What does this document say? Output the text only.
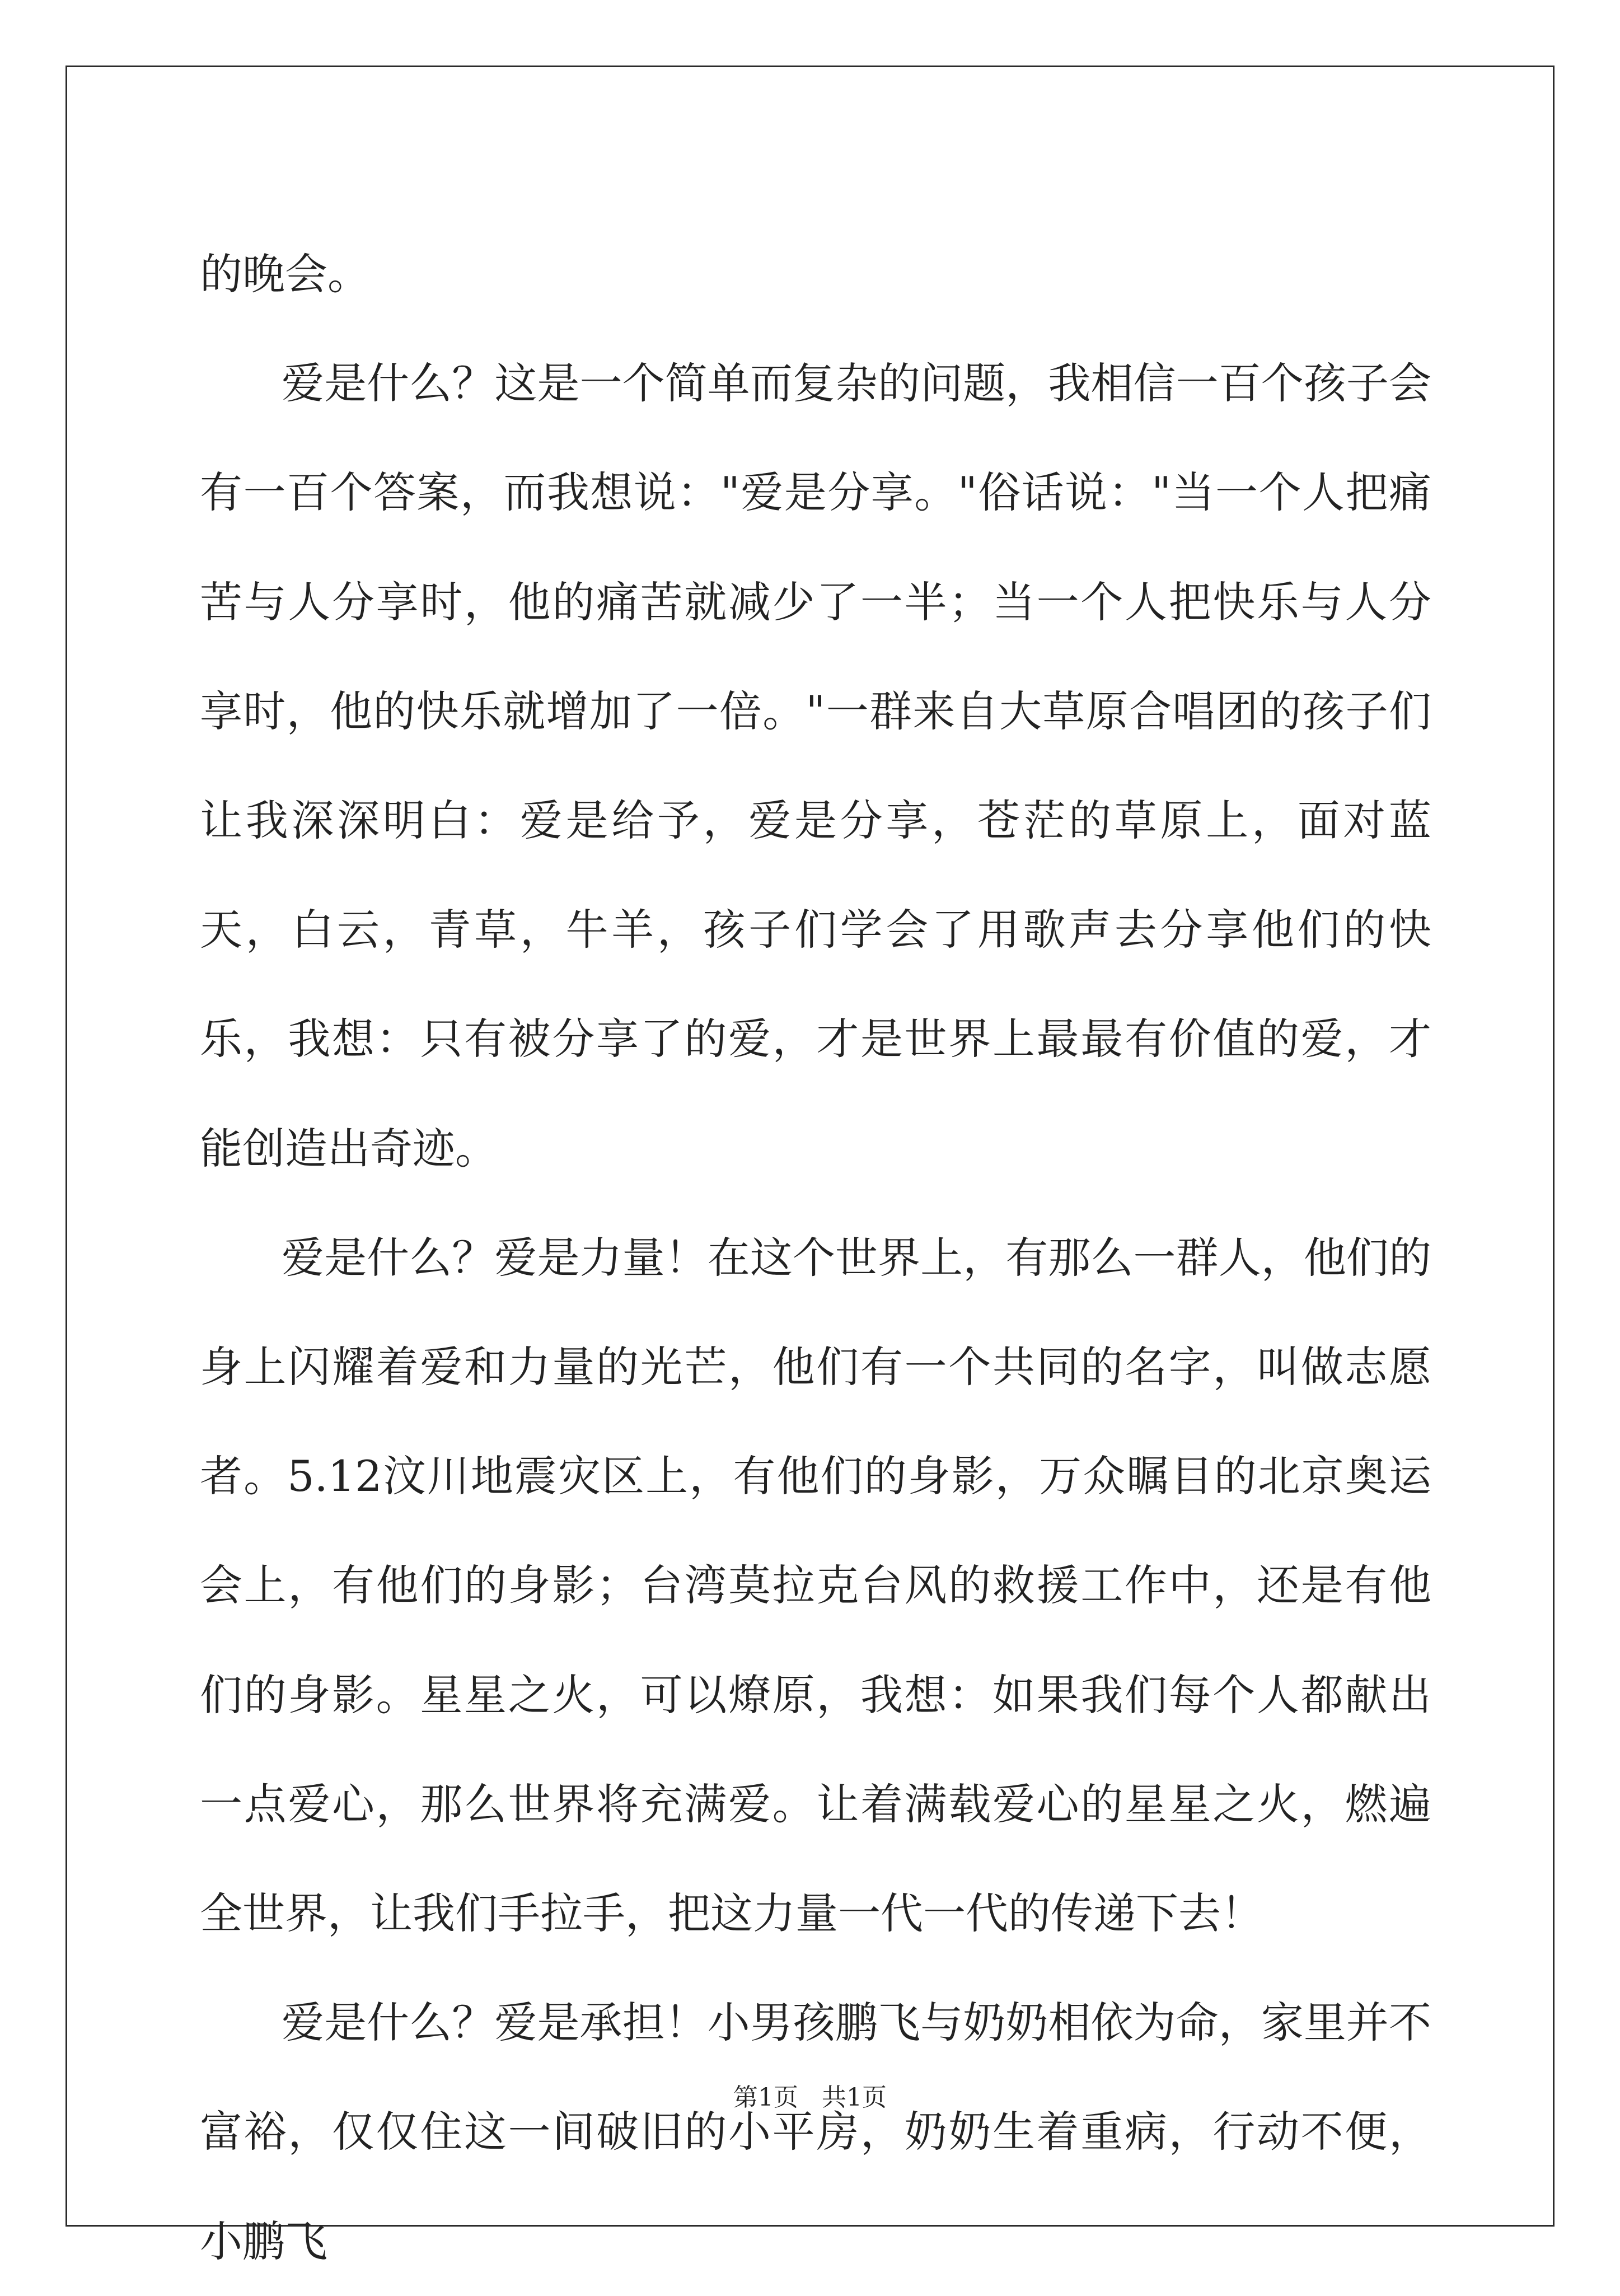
的晚会。

爱是什么？这是一个简单而复杂的问题，我相信一百个孩子会有一百个答案，而我想说："爱是分享。"俗话说："当一个人把痛苦与人分享时，他的痛苦就减少了一半；当一个人把快乐与人分享时，他的快乐就增加了一倍。"一群来自大草原合唱团的孩子们让我深深明白：爱是给予，爱是分享，苍茫的草原上，面对蓝天，白云，青草，牛羊，孩子们学会了用歌声去分享他们的快乐，我想：只有被分享了的爱，才是世界上最最有价值的爱，才能创造出奇迹。

爱是什么？爱是力量！在这个世界上，有那么一群人，他们的身上闪耀着爱和力量的光芒，他们有一个共同的名字，叫做志愿者。5.12汶川地震灾区上，有他们的身影，万众瞩目的北京奥运会上，有他们的身影；台湾莫拉克台风的救援工作中，还是有他们的身影。星星之火，可以燎原，我想：如果我们每个人都献出一点爱心，那么世界将充满爱。让着满载爱心的星星之火，燃遍全世界，让我们手拉手，把这力量一代一代的传递下去！

爱是什么？爱是承担！小男孩鹏飞与奶奶相依为命，家里并不富裕，仅仅住这一间破旧的小平房，奶奶生着重病，行动不便，小鹏飞

第1页   共1页
